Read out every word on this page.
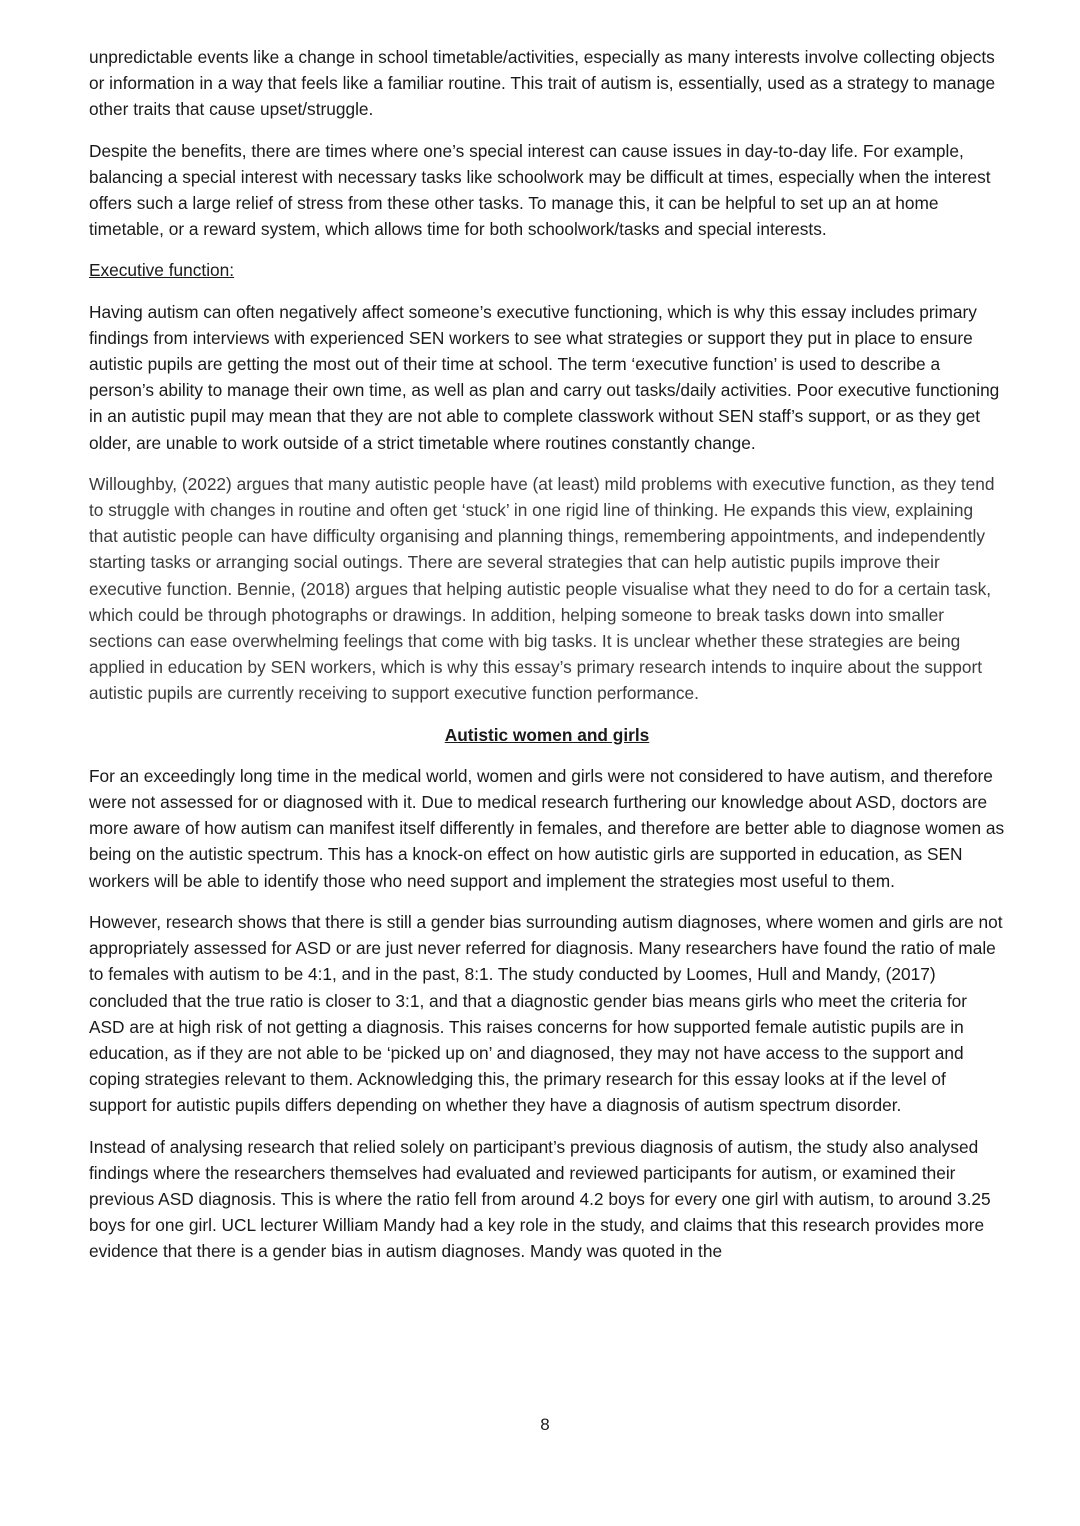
unpredictable events like a change in school timetable/activities, especially as many interests involve collecting objects or information in a way that feels like a familiar routine. This trait of autism is, essentially, used as a strategy to manage other traits that cause upset/struggle.

Despite the benefits, there are times where one’s special interest can cause issues in day-to-day life. For example, balancing a special interest with necessary tasks like schoolwork may be difficult at times, especially when the interest offers such a large relief of stress from these other tasks. To manage this, it can be helpful to set up an at home timetable, or a reward system, which allows time for both schoolwork/tasks and special interests.

Executive function:

Having autism can often negatively affect someone’s executive functioning, which is why this essay includes primary findings from interviews with experienced SEN workers to see what strategies or support they put in place to ensure autistic pupils are getting the most out of their time at school. The term ‘executive function’ is used to describe a person’s ability to manage their own time, as well as plan and carry out tasks/daily activities. Poor executive functioning in an autistic pupil may mean that they are not able to complete classwork without SEN staff’s support, or as they get older, are unable to work outside of a strict timetable where routines constantly change.

Willoughby, (2022) argues that many autistic people have (at least) mild problems with executive function, as they tend to struggle with changes in routine and often get ‘stuck’ in one rigid line of thinking. He expands this view, explaining that autistic people can have difficulty organising and planning things, remembering appointments, and independently starting tasks or arranging social outings. There are several strategies that can help autistic pupils improve their executive function. Bennie, (2018) argues that helping autistic people visualise what they need to do for a certain task, which could be through photographs or drawings. In addition, helping someone to break tasks down into smaller sections can ease overwhelming feelings that come with big tasks. It is unclear whether these strategies are being applied in education by SEN workers, which is why this essay’s primary research intends to inquire about the support autistic pupils are currently receiving to support executive function performance.

Autistic women and girls

For an exceedingly long time in the medical world, women and girls were not considered to have autism, and therefore were not assessed for or diagnosed with it. Due to medical research furthering our knowledge about ASD, doctors are more aware of how autism can manifest itself differently in females, and therefore are better able to diagnose women as being on the autistic spectrum. This has a knock-on effect on how autistic girls are supported in education, as SEN workers will be able to identify those who need support and implement the strategies most useful to them.

However, research shows that there is still a gender bias surrounding autism diagnoses, where women and girls are not appropriately assessed for ASD or are just never referred for diagnosis. Many researchers have found the ratio of male to females with autism to be 4:1, and in the past, 8:1. The study conducted by Loomes, Hull and Mandy, (2017) concluded that the true ratio is closer to 3:1, and that a diagnostic gender bias means girls who meet the criteria for ASD are at high risk of not getting a diagnosis. This raises concerns for how supported female autistic pupils are in education, as if they are not able to be ‘picked up on’ and diagnosed, they may not have access to the support and coping strategies relevant to them. Acknowledging this, the primary research for this essay looks at if the level of support for autistic pupils differs depending on whether they have a diagnosis of autism spectrum disorder.

Instead of analysing research that relied solely on participant’s previous diagnosis of autism, the study also analysed findings where the researchers themselves had evaluated and reviewed participants for autism, or examined their previous ASD diagnosis. This is where the ratio fell from around 4.2 boys for every one girl with autism, to around 3.25 boys for one girl. UCL lecturer William Mandy had a key role in the study, and claims that this research provides more evidence that there is a gender bias in autism diagnoses. Mandy was quoted in the

8
